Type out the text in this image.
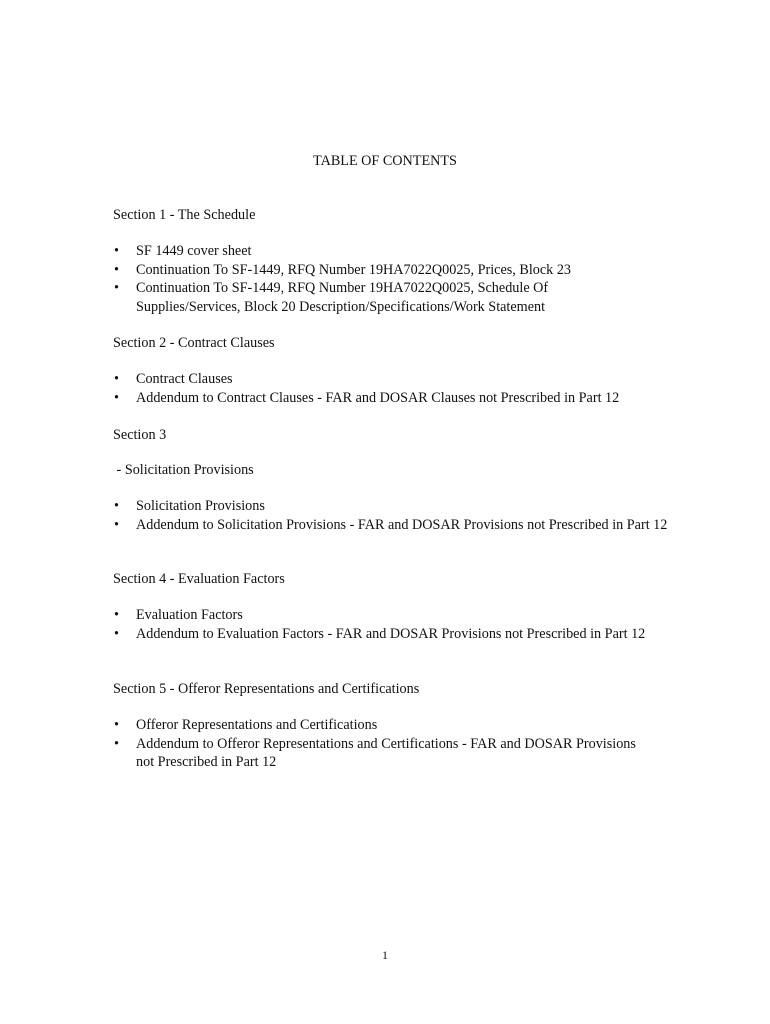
TABLE OF CONTENTS
Section 1 - The Schedule
• SF 1449 cover sheet
• Continuation To SF-1449, RFQ Number 19HA7022Q0025, Prices, Block 23
• Continuation To SF-1449, RFQ Number 19HA7022Q0025, Schedule Of Supplies/Services, Block 20 Description/Specifications/Work Statement
Section 2 - Contract Clauses
• Contract Clauses
• Addendum to Contract Clauses - FAR and DOSAR Clauses not Prescribed in Part 12
Section 3
- Solicitation Provisions
• Solicitation Provisions
• Addendum to Solicitation Provisions - FAR and DOSAR Provisions not Prescribed in Part 12
Section 4 - Evaluation Factors
• Evaluation Factors
• Addendum to Evaluation Factors - FAR and DOSAR Provisions not Prescribed in Part 12
Section 5 - Offeror Representations and Certifications
• Offeror Representations and Certifications
• Addendum to Offeror Representations and Certifications - FAR and DOSAR Provisions not Prescribed in Part 12
1
